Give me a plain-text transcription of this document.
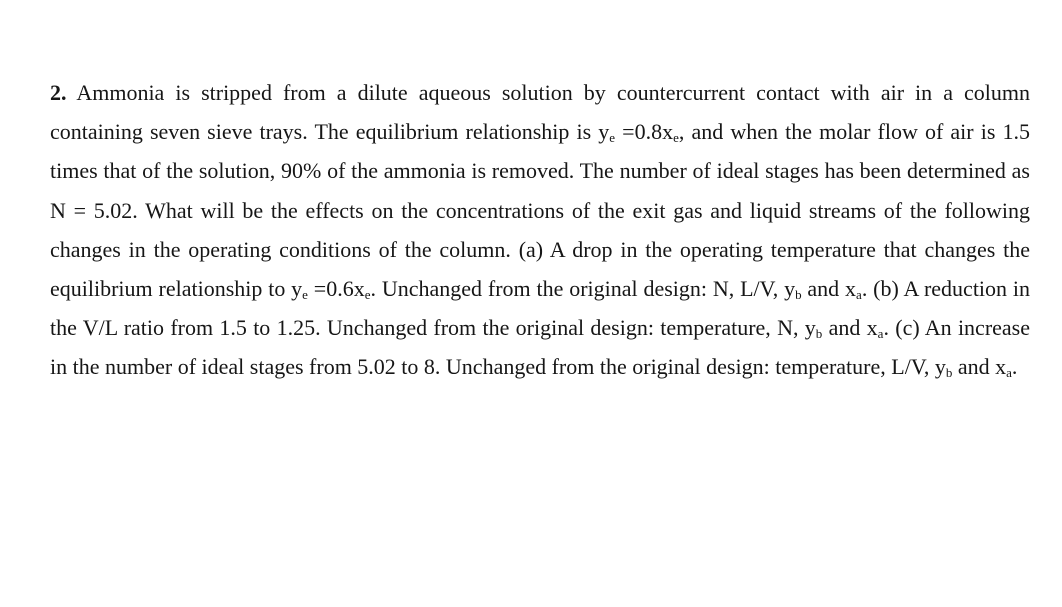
2. Ammonia is stripped from a dilute aqueous solution by countercurrent contact with air in a column containing seven sieve trays. The equilibrium relationship is $y_e =0.8x_e$, and when the molar flow of air is 1.5 times that of the solution, 90% of the ammonia is removed. The number of ideal stages has been determined as N = 5.02. What will be the effects on the concentrations of the exit gas and liquid streams of the following changes in the operating conditions of the column. (a) A drop in the operating temperature that changes the equilibrium relationship to $y_e =0.6x_e$. Unchanged from the original design: N, L/V, $y_b$ and $x_a$. (b) A reduction in the V/L ratio from 1.5 to 1.25. Unchanged from the original design: temperature, N, $y_b$ and $x_a$. (c) An increase in the number of ideal stages from 5.02 to 8. Unchanged from the original design: temperature, L/V, $y_b$ and $x_a$.
